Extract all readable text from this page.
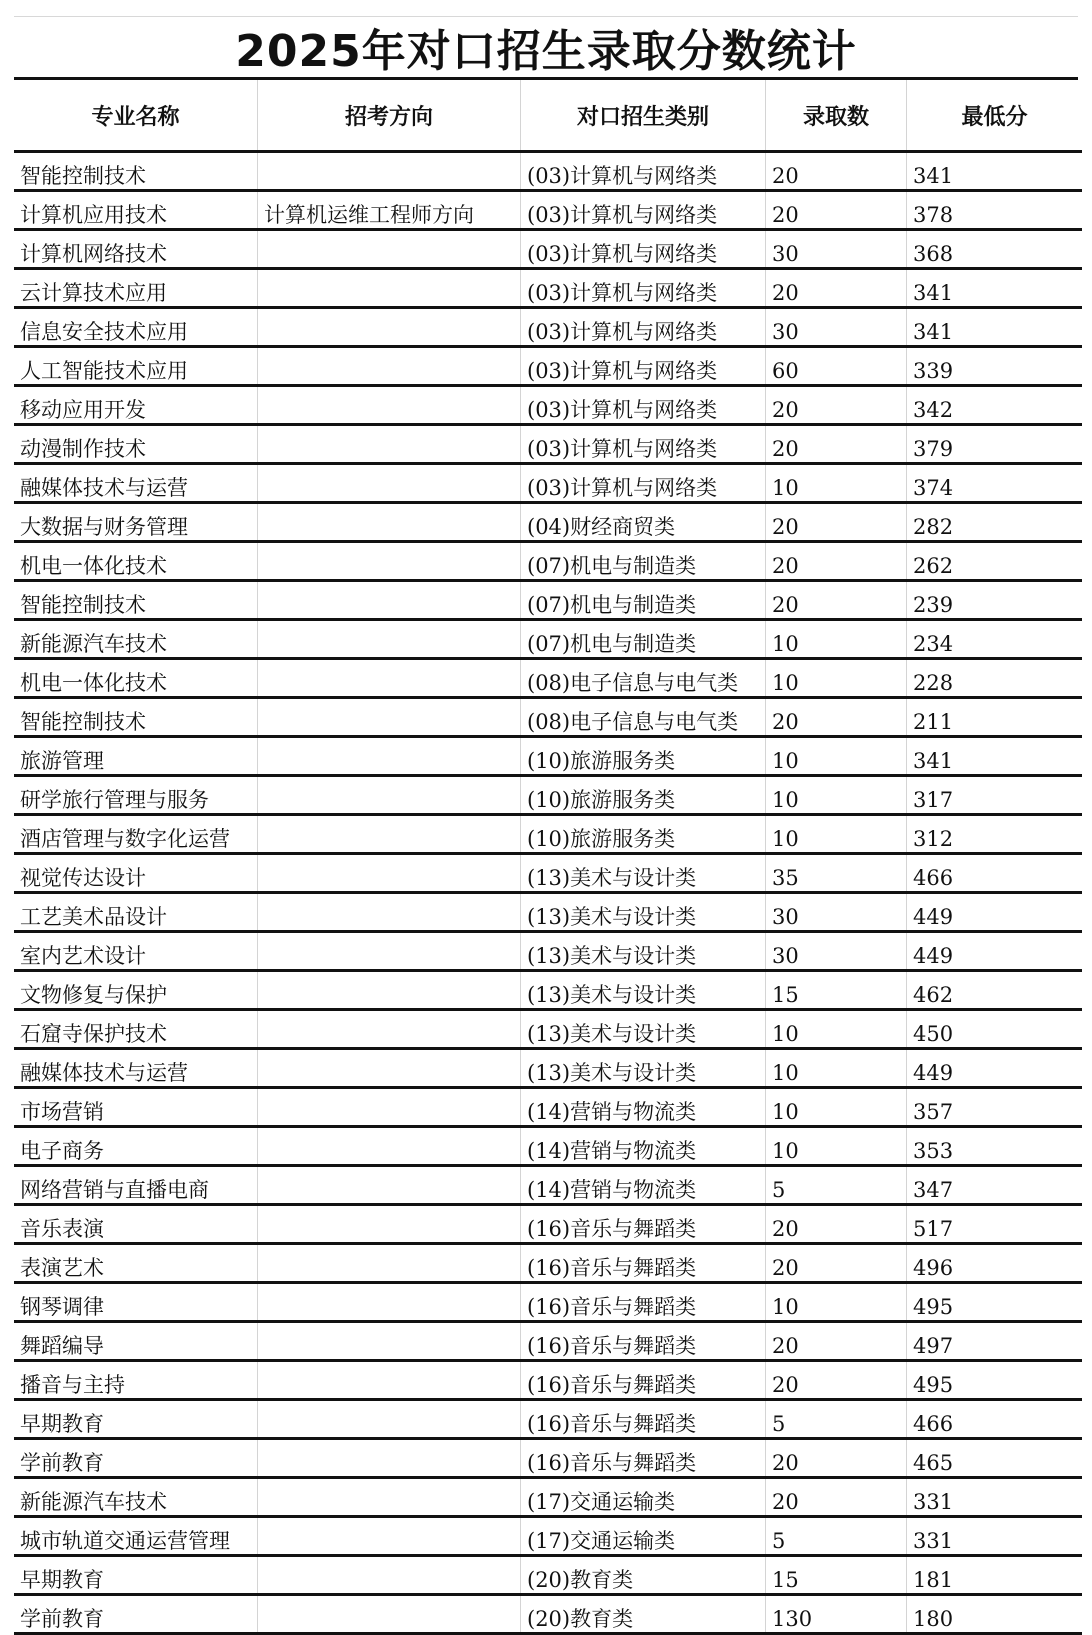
2025年对口招生录取分数统计
专业名称	招考方向	对口招生类别	录取数	最低分
智能控制技术		(03)计算机与网络类	20	341
计算机应用技术	计算机运维工程师方向	(03)计算机与网络类	20	378
计算机网络技术		(03)计算机与网络类	30	368
云计算技术应用		(03)计算机与网络类	20	341
信息安全技术应用		(03)计算机与网络类	30	341
人工智能技术应用		(03)计算机与网络类	60	339
移动应用开发		(03)计算机与网络类	20	342
动漫制作技术		(03)计算机与网络类	20	379
融媒体技术与运营		(03)计算机与网络类	10	374
大数据与财务管理		(04)财经商贸类	20	282
机电一体化技术		(07)机电与制造类	20	262
智能控制技术		(07)机电与制造类	20	239
新能源汽车技术		(07)机电与制造类	10	234
机电一体化技术		(08)电子信息与电气类	10	228
智能控制技术		(08)电子信息与电气类	20	211
旅游管理		(10)旅游服务类	10	341
研学旅行管理与服务		(10)旅游服务类	10	317
酒店管理与数字化运营		(10)旅游服务类	10	312
视觉传达设计		(13)美术与设计类	35	466
工艺美术品设计		(13)美术与设计类	30	449
室内艺术设计		(13)美术与设计类	30	449
文物修复与保护		(13)美术与设计类	15	462
石窟寺保护技术		(13)美术与设计类	10	450
融媒体技术与运营		(13)美术与设计类	10	449
市场营销		(14)营销与物流类	10	357
电子商务		(14)营销与物流类	10	353
网络营销与直播电商		(14)营销与物流类	5	347
音乐表演		(16)音乐与舞蹈类	20	517
表演艺术		(16)音乐与舞蹈类	20	496
钢琴调律		(16)音乐与舞蹈类	10	495
舞蹈编导		(16)音乐与舞蹈类	20	497
播音与主持		(16)音乐与舞蹈类	20	495
早期教育		(16)音乐与舞蹈类	5	466
学前教育		(16)音乐与舞蹈类	20	465
新能源汽车技术		(17)交通运输类	20	331
城市轨道交通运营管理		(17)交通运输类	5	331
早期教育		(20)教育类	15	181
学前教育		(20)教育类	130	180
